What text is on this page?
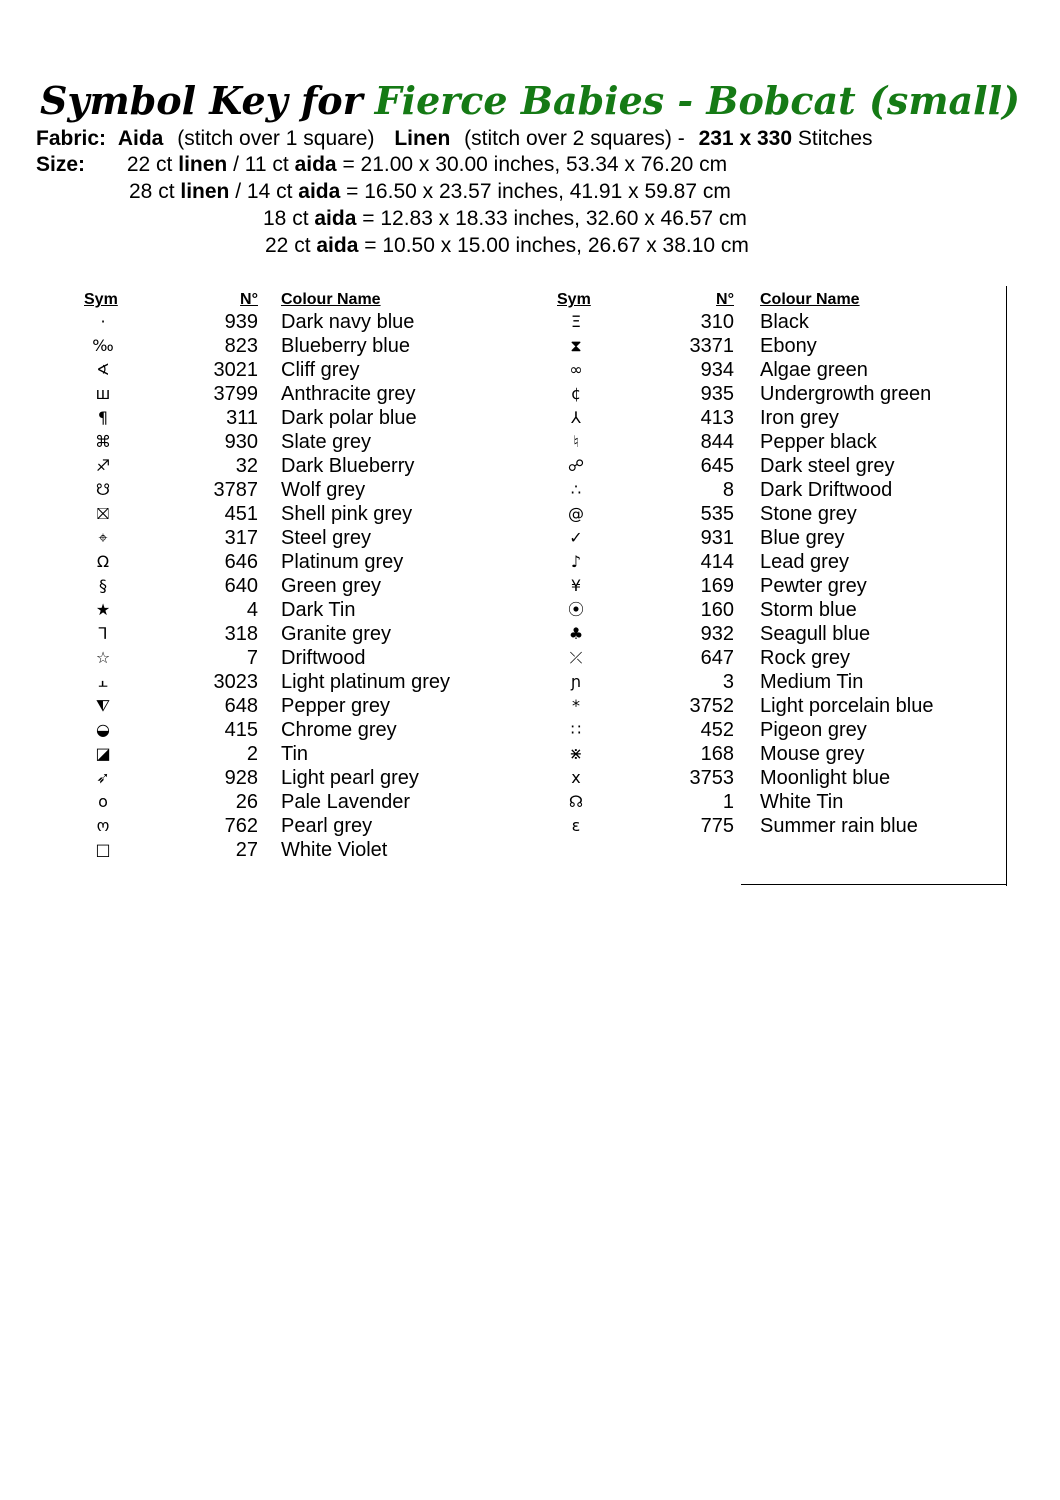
Symbol Key for Fierce Babies - Bobcat (small)
Fabric: Aida (stitch over 1 square) Linen (stitch over 2 squares) - 231 x 330 Stitches
Size: 22 ct linen / 11 ct aida = 21.00 x 30.00 inches, 53.34 x 76.20 cm
28 ct linen / 14 ct aida = 16.50 x 23.57 inches, 41.91 x 59.87 cm
18 ct aida = 12.83 x 18.33 inches, 32.60 x 46.57 cm
22 ct aida = 10.50 x 15.00 inches, 26.67 x 38.10 cm
Sym	N° Colour Name	Sym	N° Colour Name
·	939 Dark navy blue
‰	823 Blueberry blue
∢	3021 Cliff grey
ш	3799 Anthracite grey
¶	311 Dark polar blue
⌘	930 Slate grey
♐	32 Dark Blueberry
☋	3787 Wolf grey
⛝	451 Shell pink grey
⌖	317 Steel grey
Ω	646 Platinum grey
§	640 Green grey
★	4 Dark Tin
⅂	318 Granite grey
☆	7 Driftwood
⫠	3023 Light platinum grey
⧨	648 Pepper grey
◒	415 Chrome grey
◪	2 Tin
➶	928 Light pearl grey
o	26 Pale Lavender
ო	762 Pearl grey
□	27 White Violet
Ξ	310 Black
⧗	3371 Ebony
∞	934 Algae green
¢	935 Undergrowth green
⅄	413 Iron grey
♮	844 Pepper black
☍	645 Dark steel grey
∴	8 Dark Driftwood
@	535 Stone grey
✓	931 Blue grey
♪	414 Lead grey
¥	169 Pewter grey
⦿	160 Storm blue
♣	932 Seagull blue
⤫	647 Rock grey
ɲ	3 Medium Tin
*	3752 Light porcelain blue
∷	452 Pigeon grey
⋇	168 Mouse grey
x	3753 Moonlight blue
☊	1 White Tin
ε	775 Summer rain blue
